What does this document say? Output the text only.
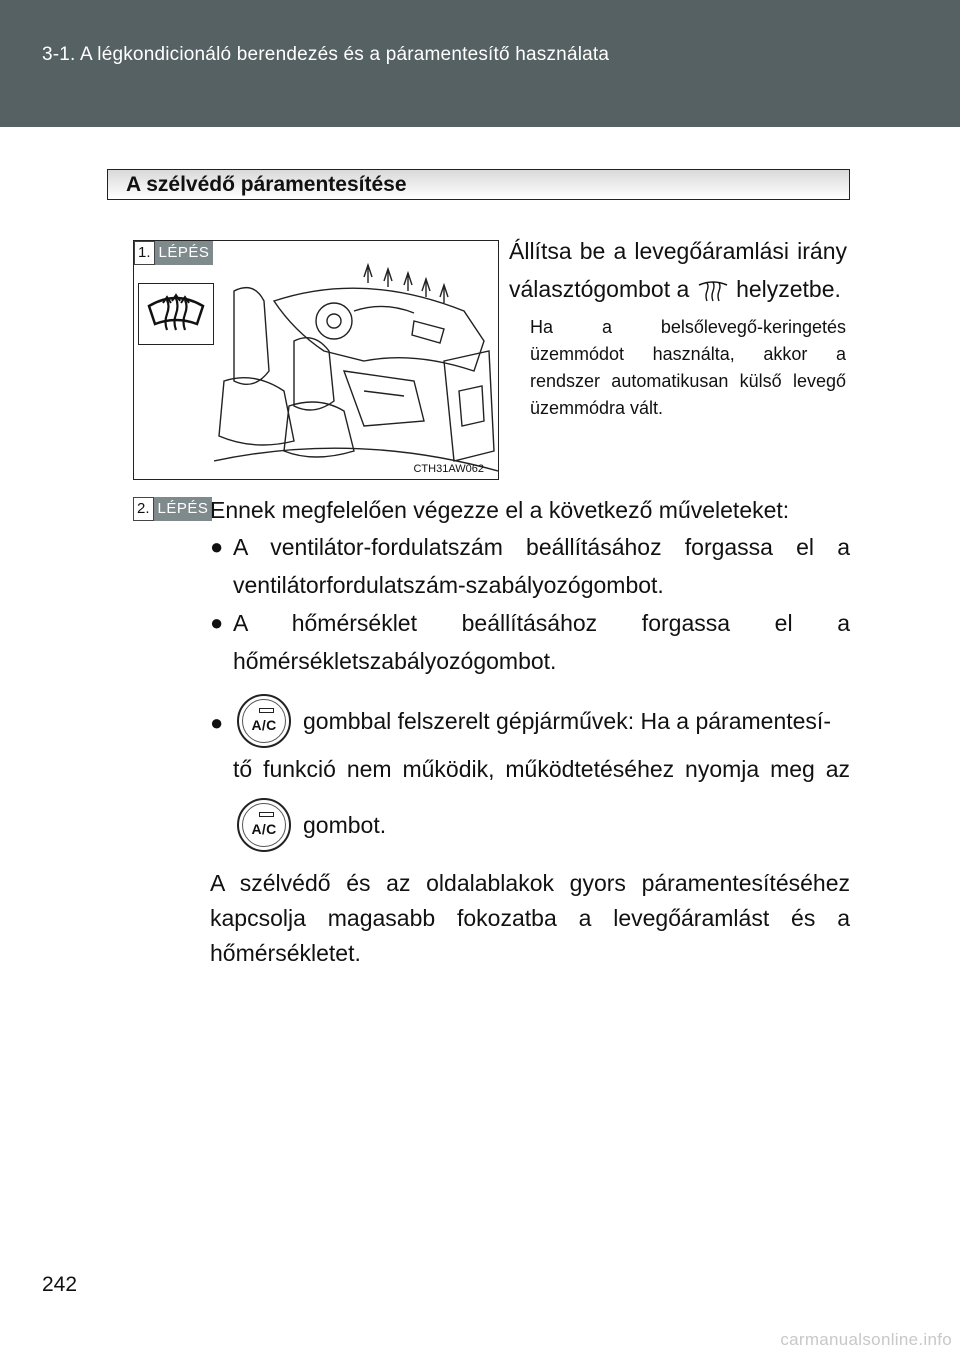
3-1. A légkondicionáló berendezés és a páramentesítő használata
A szélvédő páramentesítése
1. LÉPÉS
CTH31AW062
Állítsa be a levegőáramlási irány választógombot a helyzetbe.
Ha a belsőlevegő-keringetés üzemmódot használta, akkor a rendszer automatikusan külső levegő üzemmódra vált.
2. LÉPÉS Ennek megfelelően végezze el a következő műveleteket:
● A ventilátor-fordulatszám beállításához forgassa el a ventilátorfordulatszám-szabályozógombot.
● A hőmérséklet beállításához forgassa el a hőmérsékletszabályozógombot.
●	A/C	gombbal felszerelt gépjárművek: Ha a páramentesí-
tő funkció nem működik, működtetéséhez nyomja meg az
A/C	gombot.
A szélvédő és az oldalablakok gyors páramentesítéséhez kapcsolja magasabb fokozatba a levegőáramlást és a hőmérsékletet.
242
carmanualsonline.info
